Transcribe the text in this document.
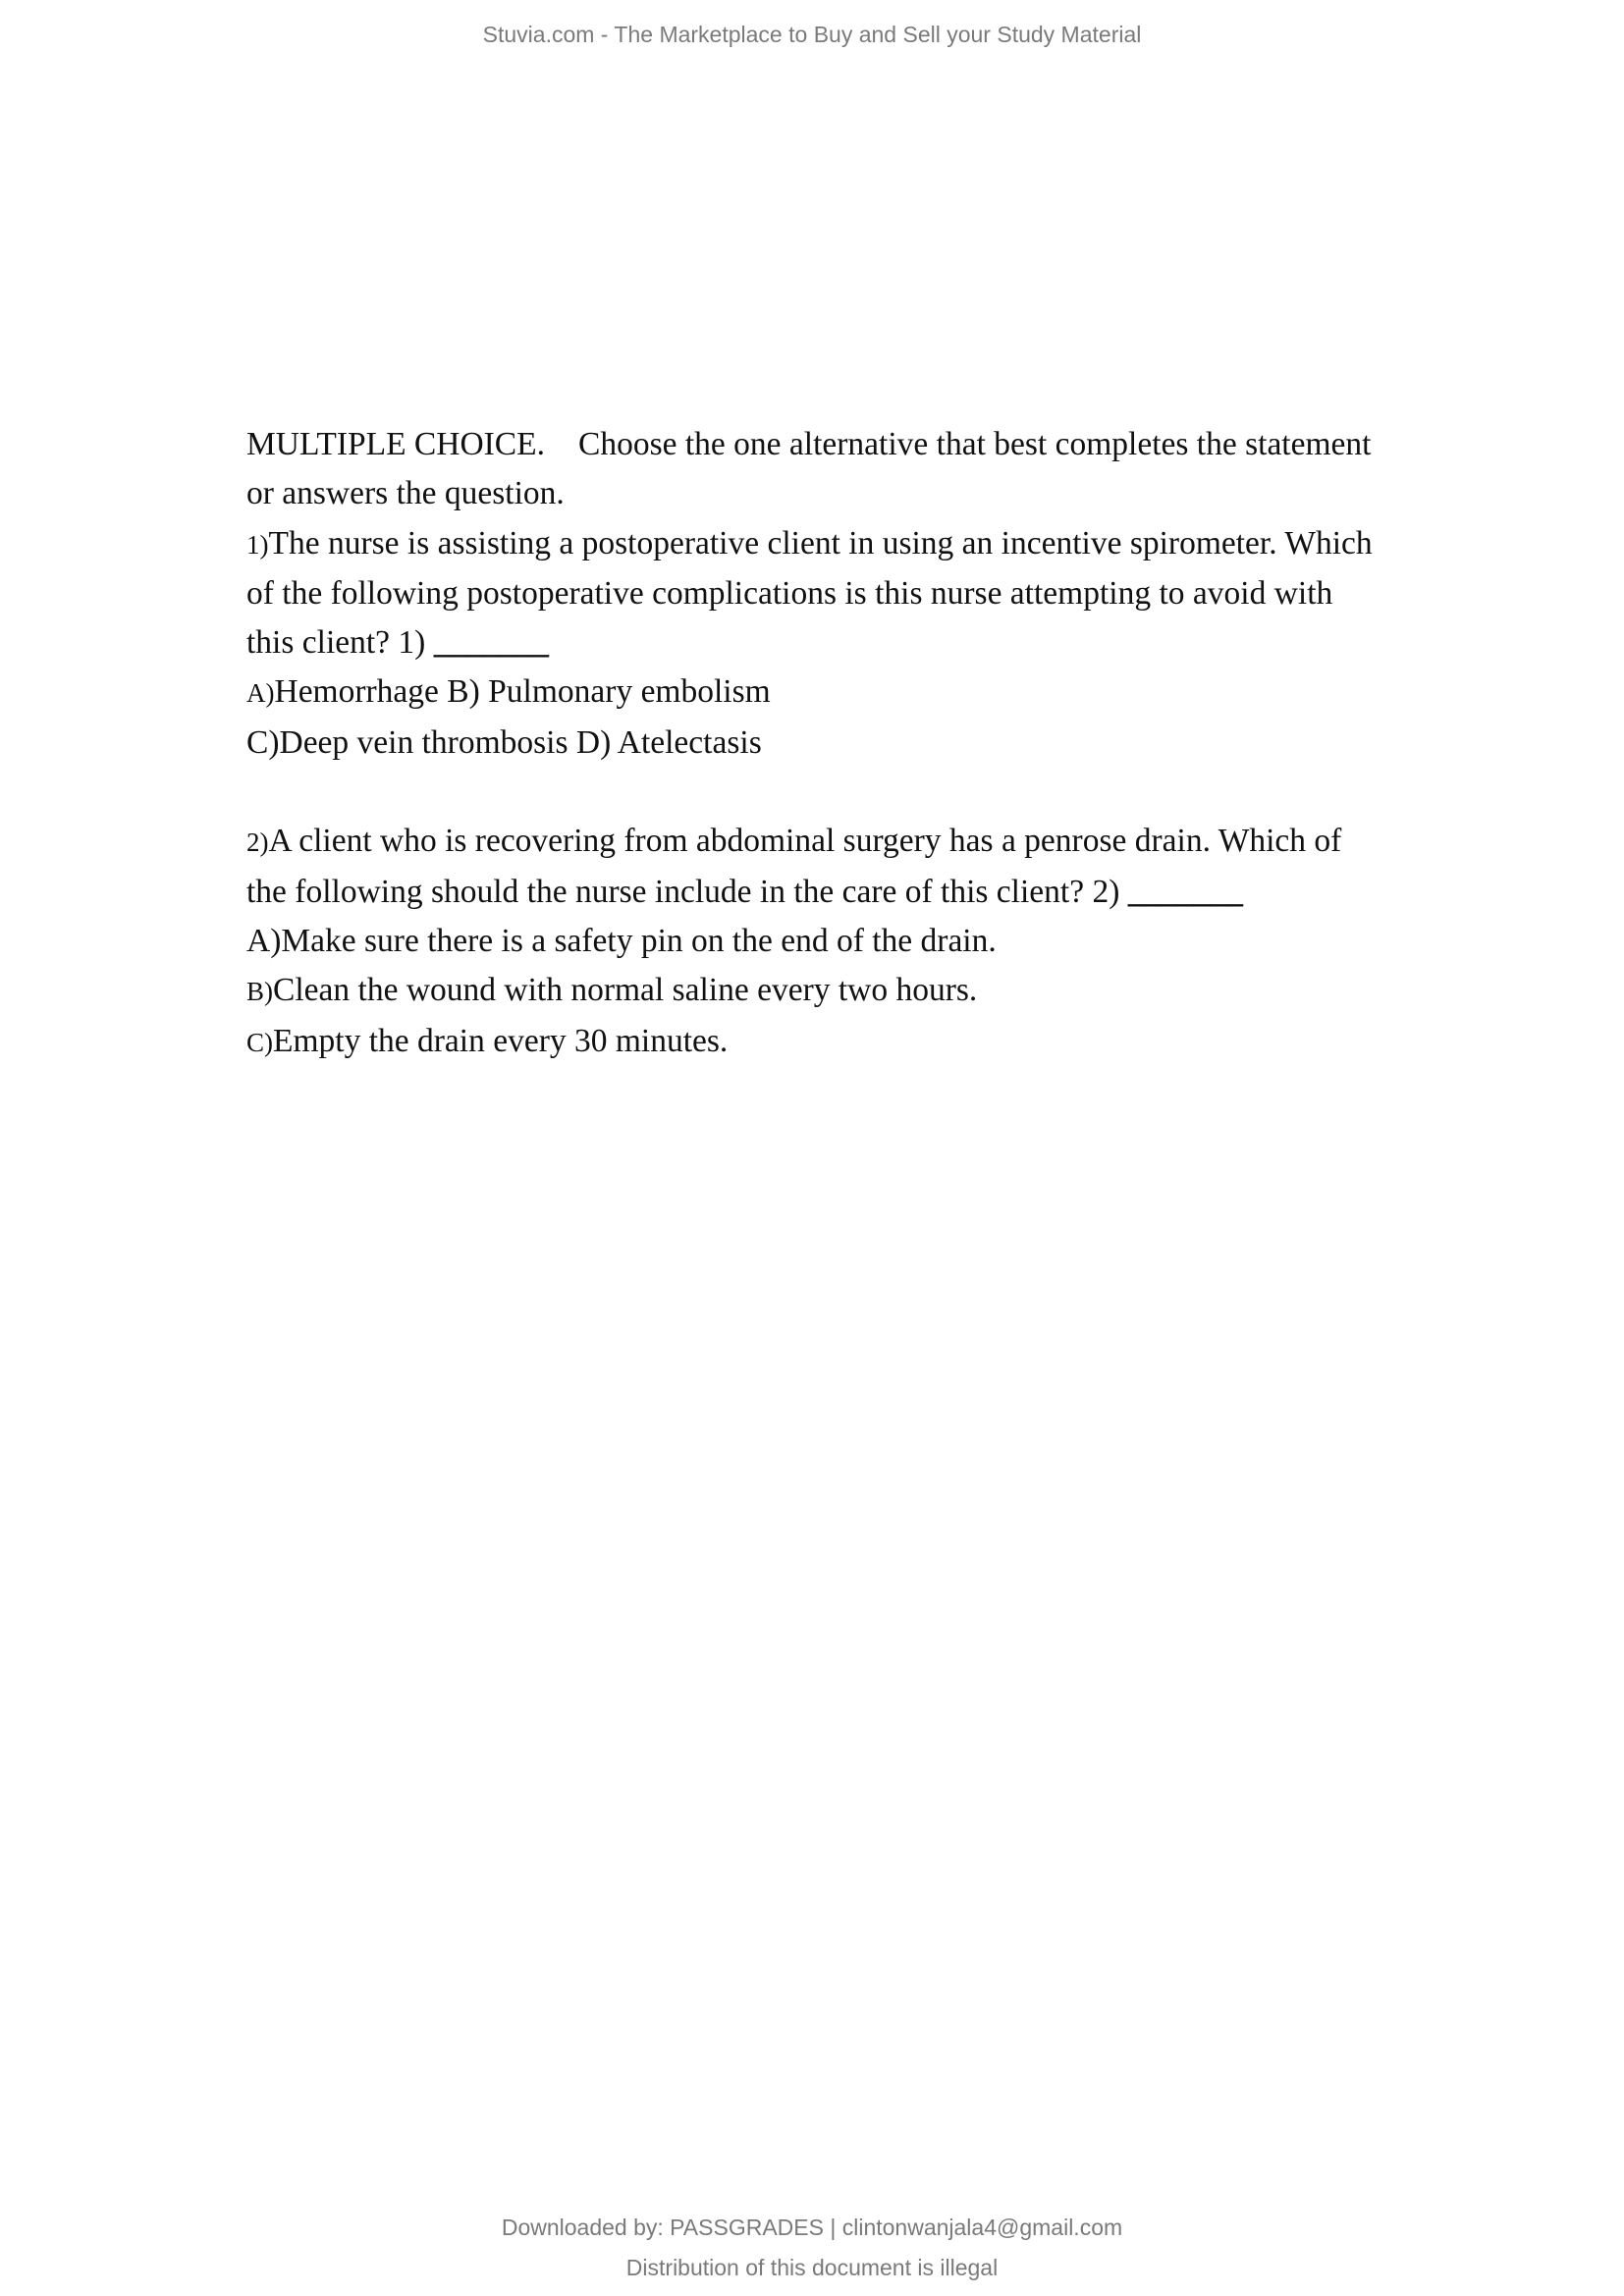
Stuvia.com - The Marketplace to Buy and Sell your Study Material
MULTIPLE CHOICE. Choose the one alternative that best completes the statement
or answers the question.
1)The nurse is assisting a postoperative client in using an incentive spirometer. Which
of the following postoperative complications is this nurse attempting to avoid with
this client? 1) _______
A)Hemorrhage B) Pulmonary embolism
C)Deep vein thrombosis D) Atelectasis
2)A client who is recovering from abdominal surgery has a penrose drain. Which of
the following should the nurse include in the care of this client? 2) _______
A)Make sure there is a safety pin on the end of the drain.
B)Clean the wound with normal saline every two hours.
C)Empty the drain every 30 minutes.
Downloaded by: PASSGRADES | clintonwanjala4@gmail.com
Distribution of this document is illegal
